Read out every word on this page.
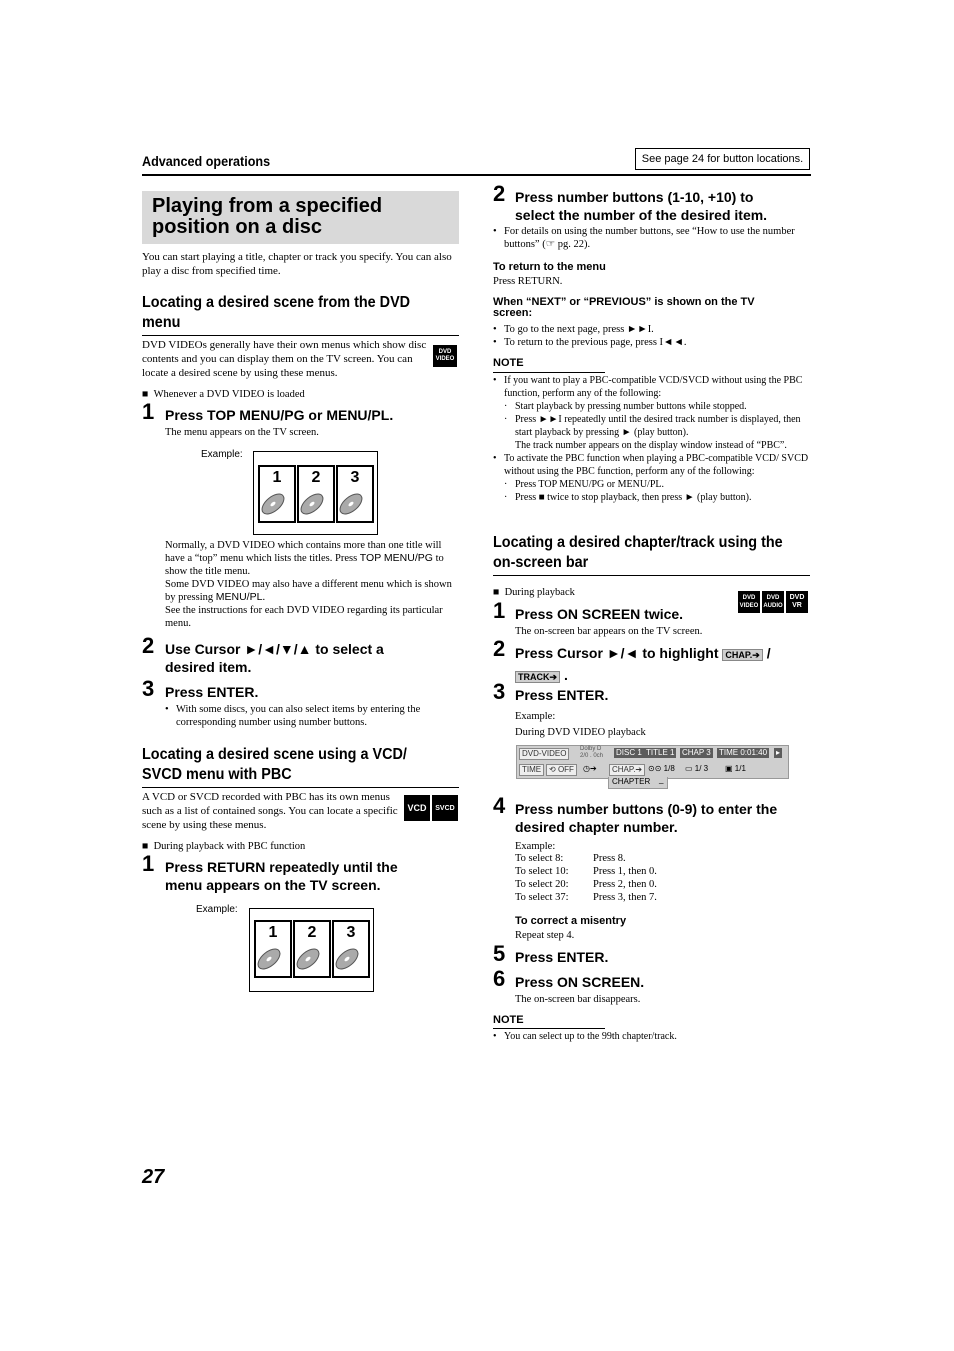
Advanced operations	See page 24 for button locations.
Playing from a specified
position on a disc
You can start playing a title, chapter or track you specify. You can also play a disc from specified time.
Locating a desired scene from the DVD
menu
DVD VIDEOs generally have their own menus which show disc contents and you can display them on the TV screen. You can locate a desired scene by using these menus.
DVD
VIDEO
■ Whenever a DVD VIDEO is loaded
1 Press TOP MENU/PG or MENU/PL.
The menu appears on the TV screen.
Example:
1	2	3
Normally, a DVD VIDEO which contains more than one title will have a “top” menu which lists the titles. Press TOP MENU/PG to show the title menu.
Some DVD VIDEO may also have a different menu which is shown by pressing MENU/PL.
See the instructions for each DVD VIDEO regarding its particular menu.
2 Use Cursor ►/◄/▼/▲ to select a
desired item.
3 Press ENTER.
• With some discs, you can also select items by entering the corresponding number using number buttons.
Locating a desired scene using a VCD/
SVCD menu with PBC
A VCD or SVCD recorded with PBC has its own menus such as a list of contained songs. You can locate a specific scene by using these menus.
VCD	SVCD
■ During playback with PBC function
1 Press RETURN repeatedly until the
menu appears on the TV screen.
Example:
1	2	3
2 Press number buttons (1-10, +10) to
select the number of the desired item.
• For details on using the number buttons, see “How to use the number buttons” (☞ pg. 22).
To return to the menu
Press RETURN.
When “NEXT” or “PREVIOUS” is shown on the TV screen:
• To go to the next page, press ►►I.
• To return to the previous page, press I◄◄.
NOTE
• If you want to play a PBC-compatible VCD/SVCD without using the PBC function, perform any of the following:
· Start playback by pressing number buttons while stopped.
· Press ►►I repeatedly until the desired track number is displayed, then start playback by pressing ► (play button).
The track number appears on the display window instead of “PBC”.
• To activate the PBC function when playing a PBC-compatible VCD/ SVCD without using the PBC function, perform any of the following:
· Press TOP MENU/PG or MENU/PL.
· Press ■ twice to stop playback, then press ► (play button).
Locating a desired chapter/track using the
on-screen bar
■ During playback	DVD
VIDEO
DVD
AUDIO
DVD
VR
1 Press ON SCREEN twice.
The on-screen bar appears on the TV screen.
2 Press Cursor ►/◄ to highlight CHAP.➔ /
TRACK➔ .
3 Press ENTER.
Example:
During DVD VIDEO playback
DVD-VIDEO	Dolby D
2/0 . 0ch DISC 1 TITLE 1 CHAP 3 TIME 0:01:40 ▸
TIME ⟲ OFF	◷➔	CHAP.➔ ⊙⊙ 1/8 ▭ 1/ 3 ▣ 1/1
CHAPTER _
4 Press number buttons (0-9) to enter the
desired chapter number.
Example:
To select 8:	Press 8.
To select 10:	Press 1, then 0.
To select 20:	Press 2, then 0.
To select 37:	Press 3, then 7.
To correct a misentry
Repeat step 4.
5 Press ENTER.
6 Press ON SCREEN.
The on-screen bar disappears.
NOTE
• You can select up to the 99th chapter/track.
27
